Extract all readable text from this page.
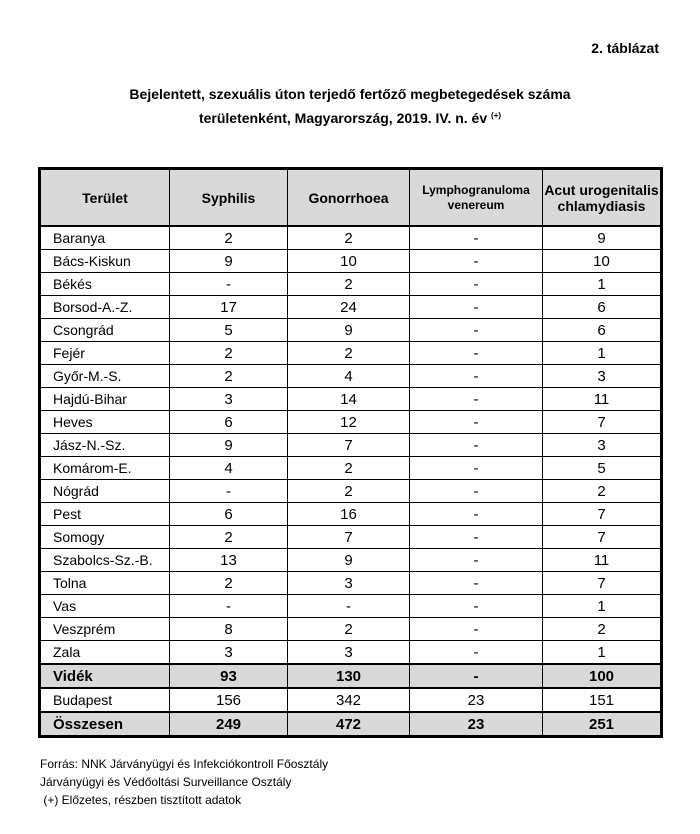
2. táblázat
Bejelentett, szexuális úton terjedő fertőző megbetegedések száma
területenként, Magyarország, 2019. IV. n. év (+)
Terület	Syphilis	Gonorrhoea	Lymphogranuloma venereum	Acut urogenitalis chlamydiasis
Baranya	2	2	-	9
Bács-Kiskun	9	10	-	10
Békés	-	2	-	1
Borsod-A.-Z.	17	24	-	6
Csongrád	5	9	-	6
Fejér	2	2	-	1
Győr-M.-S.	2	4	-	3
Hajdú-Bihar	3	14	-	11
Heves	6	12	-	7
Jász-N.-Sz.	9	7	-	3
Komárom-E.	4	2	-	5
Nógrád	-	2	-	2
Pest	6	16	-	7
Somogy	2	7	-	7
Szabolcs-Sz.-B.	13	9	-	11
Tolna	2	3	-	7
Vas	-	-	-	1
Veszprém	8	2	-	2
Zala	3	3	-	1
Vidék	93	130	-	100
Budapest	156	342	23	151
Összesen	249	472	23	251
Forrás: NNK Járványügyi és Infekciókontroll Főosztály
Járványügyi és Védőoltási Surveillance Osztály
(+) Előzetes, részben tisztított adatok
